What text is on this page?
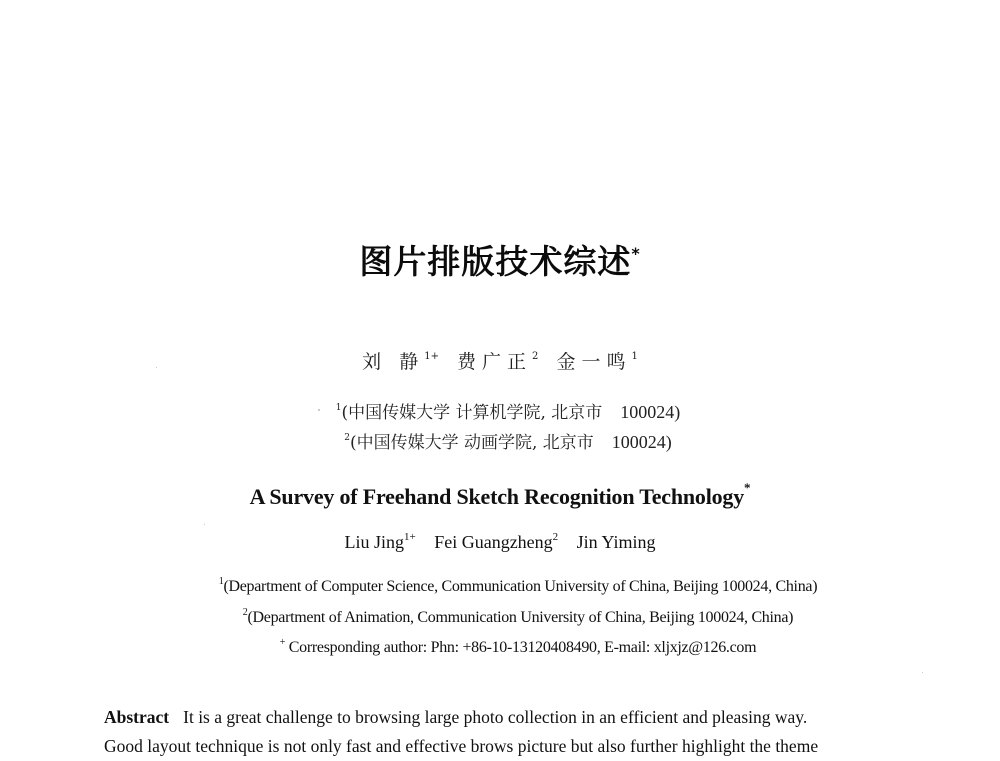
图片排版技术综述*
刘 静$^{1+}$ 费广正$^2$ 金一鸣$^1$
$^1$(中国传媒大学 计算机学院, 北京市 100024)
$^2$(中国传媒大学 动画学院, 北京市 100024)
A Survey of Freehand Sketch Recognition Technology*
Liu Jing$^{1+}$ Fei Guangzheng$^2$ Jin Yiming
$^1$(Department of Computer Science, Communication University of China, Beijing 100024, China)
$^2$(Department of Animation, Communication University of China, Beijing 100024, China)
+ Corresponding author: Phn: +86-10-13120408490, E-mail: xljxjz@126.com
Abstract It is a great challenge to browsing large photo collection in an efficient and pleasing way.
Good layout technique is not only fast and effective brows picture but also further highlight the theme
